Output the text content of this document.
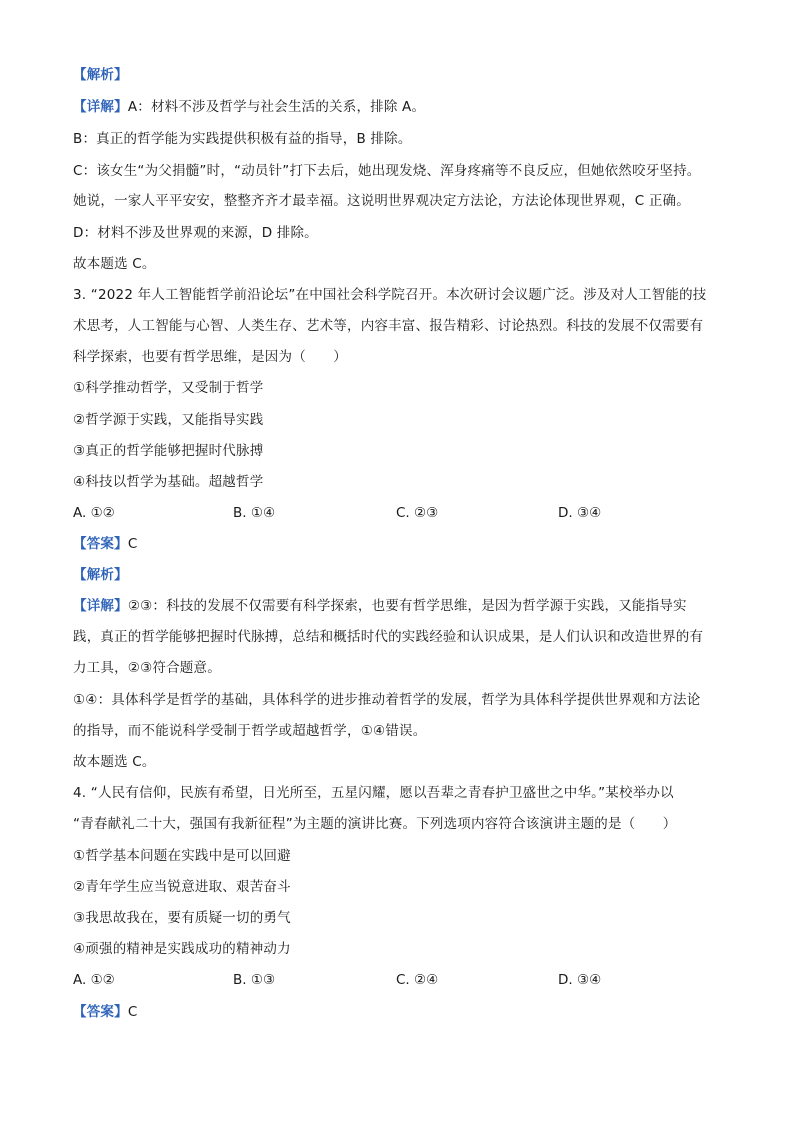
【解析】
【详解】A：材料不涉及哲学与社会生活的关系，排除 A。
B：真正的哲学能为实践提供积极有益的指导，B 排除。
C：该女生“为父捐髓”时，“动员针”打下去后，她出现发烧、浑身疼痛等不良反应，但她依然咬牙坚持。
她说，一家人平平安安，整整齐齐才最幸福。这说明世界观决定方法论，方法论体现世界观，C 正确。
D：材料不涉及世界观的来源，D 排除。
故本题选 C。
3. “2022 年人工智能哲学前沿论坛”在中国社会科学院召开。本次研讨会议题广泛。涉及对人工智能的技
术思考，人工智能与心智、人类生存、艺术等，内容丰富、报告精彩、讨论热烈。科技的发展不仅需要有
科学探索，也要有哲学思维，是因为（　　）
①科学推动哲学，又受制于哲学
②哲学源于实践，又能指导实践
③真正的哲学能够把握时代脉搏
④科技以哲学为基础。超越哲学
A. ①②	B. ①④	C. ②③	D. ③④
【答案】C
【解析】
【详解】②③：科技的发展不仅需要有科学探索，也要有哲学思维，是因为哲学源于实践，又能指导实
践，真正的哲学能够把握时代脉搏，总结和概括时代的实践经验和认识成果，是人们认识和改造世界的有
力工具，②③符合题意。
①④：具体科学是哲学的基础，具体科学的进步推动着哲学的发展，哲学为具体科学提供世界观和方法论
的指导，而不能说科学受制于哲学或超越哲学，①④错误。
故本题选 C。
4. “人民有信仰，民族有希望，日光所至，五星闪耀，愿以吾辈之青春护卫盛世之中华。”某校举办以
“青春献礼二十大，强国有我新征程”为主题的演讲比赛。下列选项内容符合该演讲主题的是（　　）
①哲学基本问题在实践中是可以回避
②青年学生应当锐意进取、艰苦奋斗
③我思故我在，要有质疑一切的勇气
④顽强的精神是实践成功的精神动力
A. ①②	B. ①③	C. ②④	D. ③④
【答案】C
